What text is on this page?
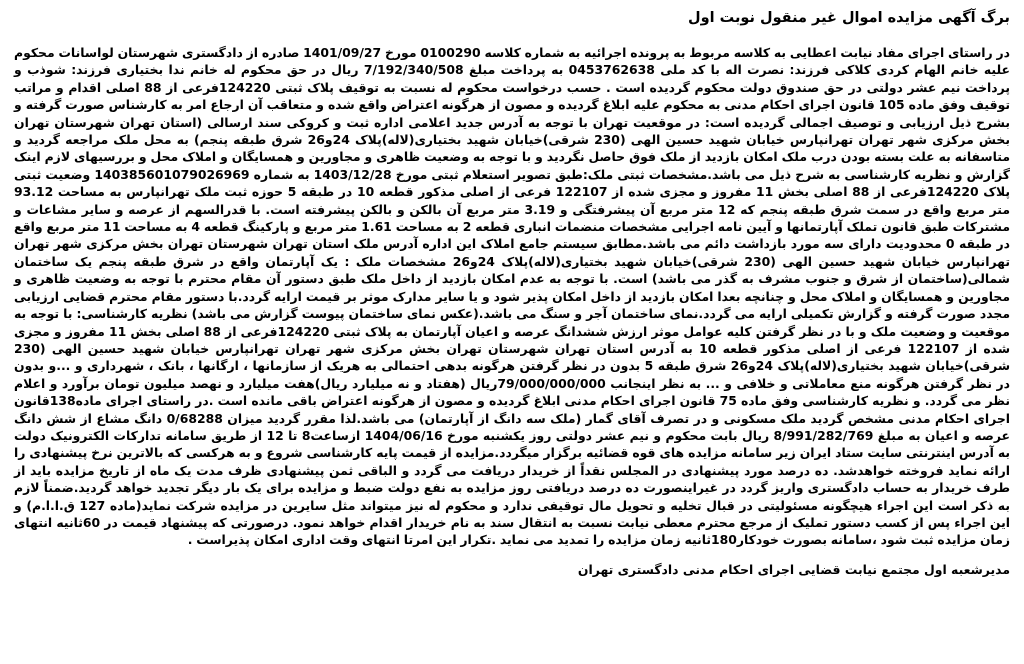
برگ آگهی مزایده اموال غیر منقول نوبت اول

در راستای اجرای مفاد نیابت اعطایی به کلاسه مربوط به پرونده اجرائیه به شماره کلاسه 0100290 مورخ 1401/09/27 صادره از دادگستری شهرستان لواسانات محکوم علیه خانم الهام کردی کلاکی فرزند: نصرت اله با کد ملی 0453762638 به پرداخت مبلغ 7/192/340/508 ریال در حق محکوم له خانم ندا بختیاری فرزند: شوذب و پرداخت نیم عشر دولتی در حق صندوق دولت محکوم گردیده است . حسب درخواست محکوم له نسبت به توقیف پلاک ثبتی 124220فرعی از 88 اصلی اقدام و مراتب توقیف وفق ماده 105 قانون اجرای احکام مدنی به محکوم علیه ابلاغ گردیده و مصون از هرگونه اعتراض واقع شده و متعاقب آن ارجاع امر به کارشناس صورت گرفته و بشرح ذیل ارزیابی و توصیف اجمالی گردیده است: در موقعیت تهران با توجه به آدرس جدید اعلامی اداره ثبت و کروکی سند ارسالی (استان تهران شهرستان تهران بخش مرکزی شهر تهران تهرانپارس خیابان شهید حسین الهی (230 شرقی)خیابان شهید بختیاری(لاله)پلاک 24و26 شرق طبقه پنجم) به محل ملک مراجعه گردید و متاسفانه به علت بسته بودن درب ملک امکان بازدید از ملک فوق حاصل نگردید و با توجه به وضعیت ظاهری و مجاورین و همسایگان و املاک محل و بررسیهای لازم اینک گزارش و نظریه کارشناسی به شرح ذیل می باشد.مشخصات ثبتی ملک:طبق تصویر استعلام ثبتی مورخ 1403/12/28 به شماره 140385601079026969 وضعیت ثبتی پلاک 124220فرعی از 88 اصلی بخش 11 مفروز و مجزی شده از 122107 فرعی از اصلی مذکور قطعه 10 در طبقه 5 حوزه ثبت ملک تهرانپارس به مساحت 93.12 متر مربع واقع در سمت شرق طبقه پنجم که 12 متر مربع آن پیشرفتگی و 3.19 متر مربع آن بالکن و بالکن پیشرفته است. با قدرالسهم از عرصه و سایر مشاعات و مشترکات طبق قانون تملک آپارتمانها و آیین نامه اجرایی مشخصات منضمات انباری قطعه 2 به مساحت 1.61 متر مربع و پارکینگ قطعه 4 به مساحت 11 متر مربع واقع در طبقه 0 محدودیت دارای سه مورد بازداشت دائم می باشد.مطابق سیستم جامع املاک این اداره آدرس ملک استان تهران شهرستان تهران بخش مرکزی شهر تهران تهرانپارس خیابان شهید حسین الهی (230 شرقی)خیابان شهید بختیاری(لاله)پلاک 24و26 مشخصات ملک : یک آپارتمان واقع در شرق طبقه پنجم یک ساختمان شمالی(ساختمان از شرق و جنوب مشرف به گذر می باشد) است. با توجه به عدم امکان بازدید از داخل ملک طبق دستور آن مقام محترم با توجه به وضعیت ظاهری و مجاورین و همسایگان و املاک محل و چنانچه بعدا امکان بازدید از داخل امکان پذیر شود و یا سایر مدارک موثر بر قیمت ارایه گردد.با دستور مقام محترم قضایی ارزیابی مجدد صورت گرفته و گزارش تکمیلی ارایه می گردد.نمای ساختمان آجر و سنگ می باشد.(عکس نمای ساختمان پیوست گزارش می باشد) نظریه کارشناسی: با توجه به موقعیت و وضعیت ملک و با در نظر گرفتن کلیه عوامل موثر ارزش ششدانگ عرصه و اعیان آپارتمان به پلاک ثبتی 124220فرعی از 88 اصلی بخش 11 مفروز و مجزی شده از 122107 فرعی از اصلی مذکور قطعه 10 به آدرس استان تهران شهرستان تهران بخش مرکزی شهر تهران تهرانپارس خیابان شهید حسین الهی (230 شرقی)خیابان شهید بختیاری(لاله)پلاک 24و26 شرق طبقه 5 بدون در نظر گرفتن هرگونه بدهی احتمالی به هریک از سازمانها ، ارگانها ، بانک ، شهرداری و ...و بدون در نظر گرفتن هرگونه منع معاملاتی و خلافی و ... به نظر اینجانب 79/000/000/000ریال (هفتاد و نه میلیارد ریال)هفت میلیارد و نهصد میلیون تومان برآورد و اعلام نظر می گردد. و نظریه کارشناسی وفق ماده 75 قانون اجرای احکام مدنی ابلاغ گردیده و مصون از هرگونه اعتراض باقی مانده است .در راستای اجرای ماده138قانون اجرای احکام مدنی مشخص گردید ملک مسکونی و در تصرف آقای گمار (ملک سه دانگ از آپارتمان) می باشد.لذا مقرر گردید میزان 0/68288 دانگ مشاع از شش دانگ عرصه و اعیان به مبلغ 8/991/282/769 ریال بابت محکوم و نیم عشر دولتی روز یکشنبه مورخ 1404/06/16 ازساعت8 تا 12 از طریق سامانه تدارکات الکترونیک دولت به آدرس اینترنتی سایت ستاد ایران زیر سامانه مزایده های قوه قضائیه برگزار میگردد.مزایده از قیمت پایه کارشناسی شروع و به هرکسی که بالاترین نرخ پیشنهادی را ارائه نماید فروخته خواهدشد. ده درصد مورد پیشنهادی در المجلس نقداً از خریدار دریافت می گردد و الباقی ثمن پیشنهادی ظرف مدت یک ماه از تاریخ مزایده باید از طرف خریدار به حساب دادگستری واریز گردد در غیراینصورت ده درصد دریافتی روز مزایده به نفع دولت ضبط و مزایده برای یک بار دیگر تجدید خواهد گردید.ضمناً لازم به ذکر است این اجراء هیچگونه مسئولیتی در قبال تخلیه و تحویل مال توقیفی ندارد و محکوم له نیز میتواند مثل سایرین در مزایده شرکت نماید(ماده 127 ق.ا.ا.م) و این اجراء پس از کسب دستور تملیک از مرجع محترم معطی نیابت نسبت به انتقال سند به نام خریدار اقدام خواهد نمود. درصورتی که پیشنهاد قیمت در 60ثانیه انتهای زمان مزایده ثبت شود ،سامانه بصورت خودکار180ثانیه زمان مزایده را تمدید می نماید .تکرار این امرتا انتهای وقت اداری امکان پذیراست .

مدیرشعبه اول مجتمع نیابت قضایی اجرای احکام مدنی دادگستری تهران
